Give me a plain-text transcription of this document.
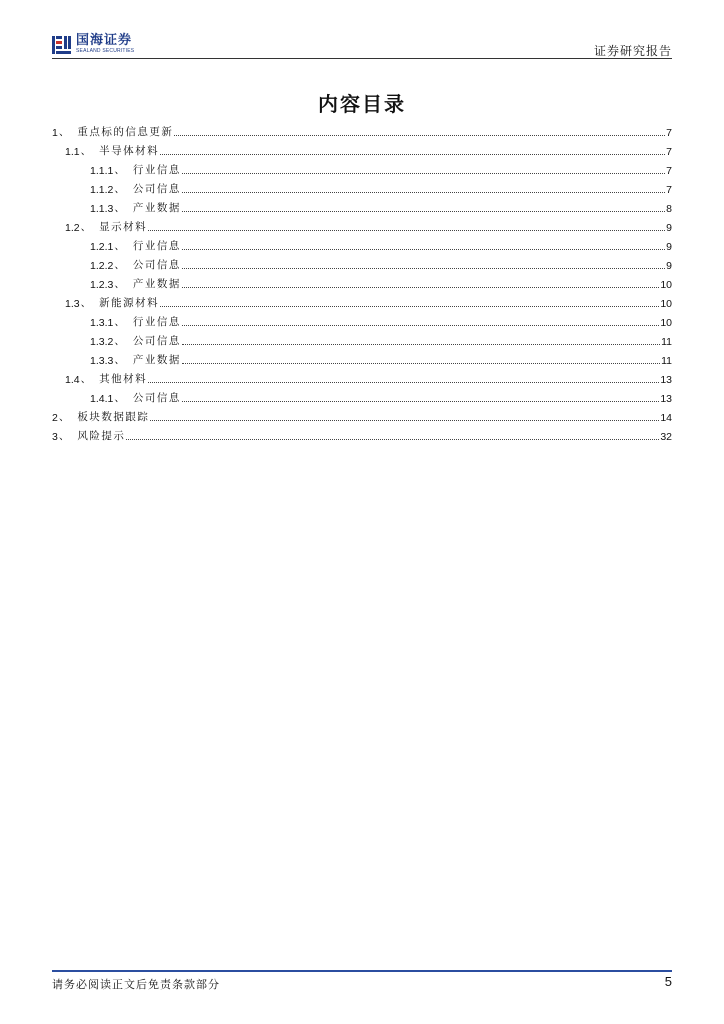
国海证券
SEALAND SECURITIES	证券研究报告
内容目录
1 、 重点标的信息更新	7
1.1 、 半导体材料	7
1.1.1 、 行业信息	7
1.1.2 、 公司信息	7
1.1.3 、 产业数据	8
1.2 、 显示材料	9
1.2.1 、 行业信息	9
1.2.2 、 公司信息	9
1.2.3 、 产业数据	10
1.3 、 新能源材料	10
1.3.1 、 行业信息	10
1.3.2 、 公司信息	11
1.3.3 、 产业数据	11
1.4 、 其他材料	13
1.4.1 、 公司信息	13
2 、 板块数据跟踪	14
3 、 风险提示	32
请务必阅读正文后免责条款部分	5
